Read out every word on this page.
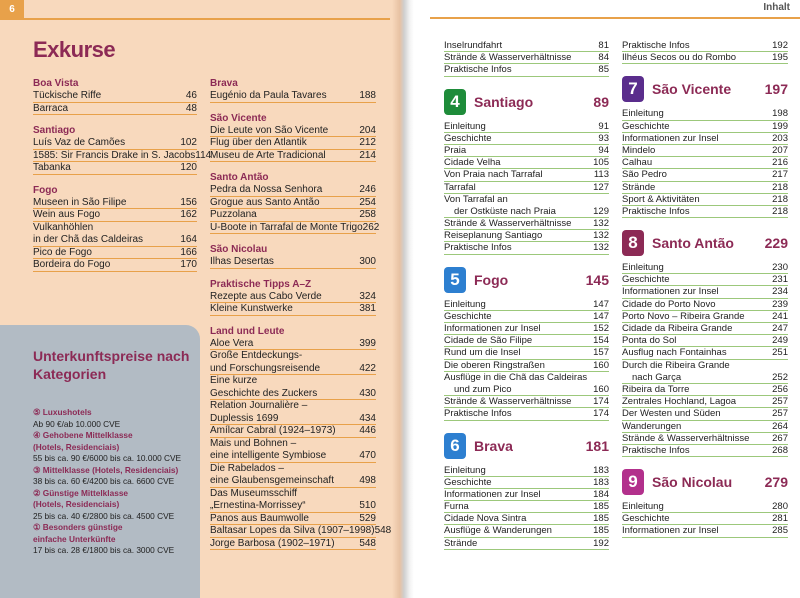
6
Exkurse
Boa Vista
Tückische Riffe	46
Barraca	48
Santiago
Luís Vaz de Camões	102
1585: Sir Francis Drake in S. Jacobs 114
Tabanka	120
Fogo
Museen in São Filipe	156
Wein aus Fogo	162
Vulkanhöhlen
in der Chã das Caldeiras	164
Pico de Fogo	166
Bordeira do Fogo	170
Brava
Eugénio da Paula Tavares	188
São Vicente
Die Leute von São Vicente	204
Flug über den Atlantik	212
Museu de Arte Tradicional	214
Santo Antão
Pedra da Nossa Senhora	246
Grogue aus Santo Antão	254
Puzzolana	258
U-Boote in Tarrafal de Monte Trigo 262
São Nicolau
Ilhas Desertas	300
Praktische Tipps A–Z
Rezepte aus Cabo Verde	324
Kleine Kunstwerke	381
Land und Leute
Aloe Vera	399
Große Entdeckungs-
und Forschungsreisende	422
Eine kurze
Geschichte des Zuckers	430
Relation Journalière –
Duplessis 1699	434
Amílcar Cabral (1924–1973) 446
Mais und Bohnen –
eine intelligente Symbiose	470
Die Rabelados –
eine Glaubensgemeinschaft	498
Das Museumsschiff
„Ernestina-Morrissey“	510
Panos aus Baumwolle	529
Baltasar Lopes da Silva (1907–1998) 548
Jorge Barbosa (1902–1971) 548
Unterkunftspreise nach Kategorien
⑤ Luxushotels
Ab 90 €/ab 10.000 CVE
④ Gehobene Mittelklasse
(Hotels, Residenciais)
55 bis ca. 90 €/6000 bis ca. 10.000 CVE
③ Mittelklasse (Hotels, Residenciais)
38 bis ca. 60 €/4200 bis ca. 6600 CVE
② Günstige Mittelklasse
(Hotels, Residenciais)
25 bis ca. 40 €/2800 bis ca. 4500 CVE
① Besonders günstige
einfache Unterkünfte
17 bis ca. 28 €/1800 bis ca. 3000 CVE
Inhalt
Inselrundfahrt	81
Strände & Wasserverhältnisse	84
Praktische Infos	85
4	Santiago	89
Einleitung	91
Geschichte	93
Praia	94
Cidade Velha	105
Von Praia nach Tarrafal	113
Tarrafal	127
Von Tarrafal an
der Ostküste nach Praia	129
Strände & Wasserverhältnisse 132
Reiseplanung Santiago	132
Praktische Infos	132
5	Fogo	145
Einleitung	147
Geschichte	147
Informationen zur Insel	152
Cidade de São Filipe	154
Rund um die Insel	157
Die oberen Ringstraßen	160
Ausflüge in die Chã das Caldeiras
und zum Pico	160
Strände & Wasserverhältnisse 174
Praktische Infos	174
6	Brava	181
Einleitung	183
Geschichte	183
Informationen zur Insel	184
Furna	185
Cidade Nova Sintra	185
Ausflüge & Wanderungen	185
Strände	192
Praktische Infos	192
Ilhéus Secos ou do Rombo	195
7	São Vicente 197
Einleitung	198
Geschichte	199
Informationen zur Insel	203
Mindelo	207
Calhau	216
São Pedro	217
Strände	218
Sport & Aktivitäten	218
Praktische Infos	218
8	Santo Antão 229
Einleitung	230
Geschichte	231
Informationen zur Insel	234
Cidade do Porto Novo	239
Porto Novo – Ribeira Grande	241
Cidade da Ribeira Grande	247
Ponta do Sol	249
Ausflug nach Fontainhas	251
Durch die Ribeira Grande
nach Garça	252
Ribeira da Torre	256
Zentrales Hochland, Lagoa	257
Der Westen und Süden	257
Wanderungen	264
Strände & Wasserverhältnisse 267
Praktische Infos	268
9	São Nicolau 279
Einleitung	280
Geschichte	281
Informationen zur Insel	285
